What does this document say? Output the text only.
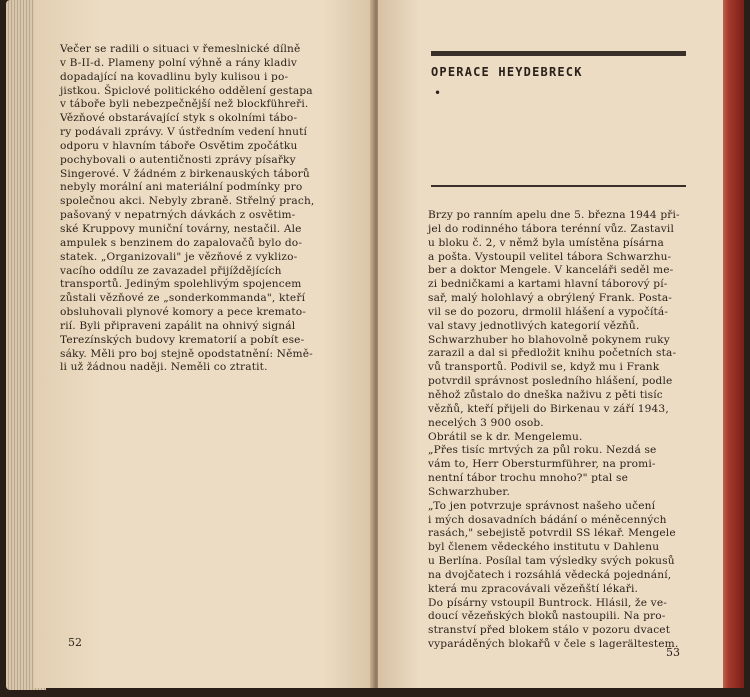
Večer se radili o situaci v řemeslnické dílně
v B-II-d. Plameny polní výhně a rány kladiv
dopadající na kovadlinu byly kulisou i po-
jistkou. Špiclové politického oddělení gestapa
v táboře byli nebezpečnější než blockführeři.
Vězňové obstarávající styk s okolními tábo-
ry podávali zprávy. V ústředním vedení hnutí
odporu v hlavním táboře Osvětim zpočátku
pochybovali o autentičnosti zprávy písařky
Singerové. V žádném z birkenauských táborů
nebyly morální ani materiální podmínky pro
společnou akci. Nebyly zbraně. Střelný prach,
pašovaný v nepatrných dávkách z osvětim-
ské Kruppovy muniční továrny, nestačil. Ale
ampulek s benzinem do zapalovačů bylo do-
statek. „Organizovali" je vězňové z vyklizo-
vacího oddílu ze zavazadel přijíždějících
transportů. Jediným spolehlivým spojencem
zůstali vězňové ze „sonderkommanda", kteří
obsluhovali plynové komory a pece kremato-
rií. Byli připraveni zapálit na ohnivý signál
Terezínských budovy krematorií a pobít ese-
sáky. Měli pro boj stejně opodstatnění: Němě-
li už žádnou naději. Neměli co ztratit.
52
OPERACE HEYDEBRECK
•
Brzy po ranním apelu dne 5. března 1944 při-
jel do rodinného tábora terénní vůz. Zastavil
u bloku č. 2, v němž byla umístěna písárna
a pošta. Vystoupil velitel tábora Schwarzhu-
ber a doktor Mengele. V kanceláři seděl me-
zi bedničkami a kartami hlavní táborový pí-
sař, malý holohlavý a obrýlený Frank. Posta-
vil se do pozoru, drmolil hlášení a vypočítá-
val stavy jednotlivých kategorií vězňů.
Schwarzhuber ho blahovolně pokynem ruky
zarazil a dal si předložit knihu početních sta-
vů transportů. Podivil se, když mu i Frank
potvrdil správnost posledního hlášení, podle
něhož zůstalo do dneška naživu z pěti tisíc
vězňů, kteří přijeli do Birkenau v září 1943,
necelých 3 900 osob.
Obrátil se k dr. Mengelemu.
„Přes tisíc mrtvých za půl roku. Nezdá se
vám to, Herr Obersturmführer, na promi-
nentní tábor trochu mnoho?" ptal se
Schwarzhuber.
„To jen potvrzuje správnost našeho učení
i mých dosavadních bádání o méněcenných
rasách," sebejistě potvrdil SS lékař. Mengele
byl členem vědeckého institutu v Dahlenu
u Berlína. Posílal tam výsledky svých pokusů
na dvojčatech i rozsáhlá vědecká pojednání,
která mu zpracovávali vězeňští lékaři.
Do písárny vstoupil Buntrock. Hlásil, že ve-
doucí vězeňských bloků nastoupili. Na pro-
stranství před blokem stálo v pozoru dvacet
vyparáděných blokařů v čele s lagerältestem.
53
